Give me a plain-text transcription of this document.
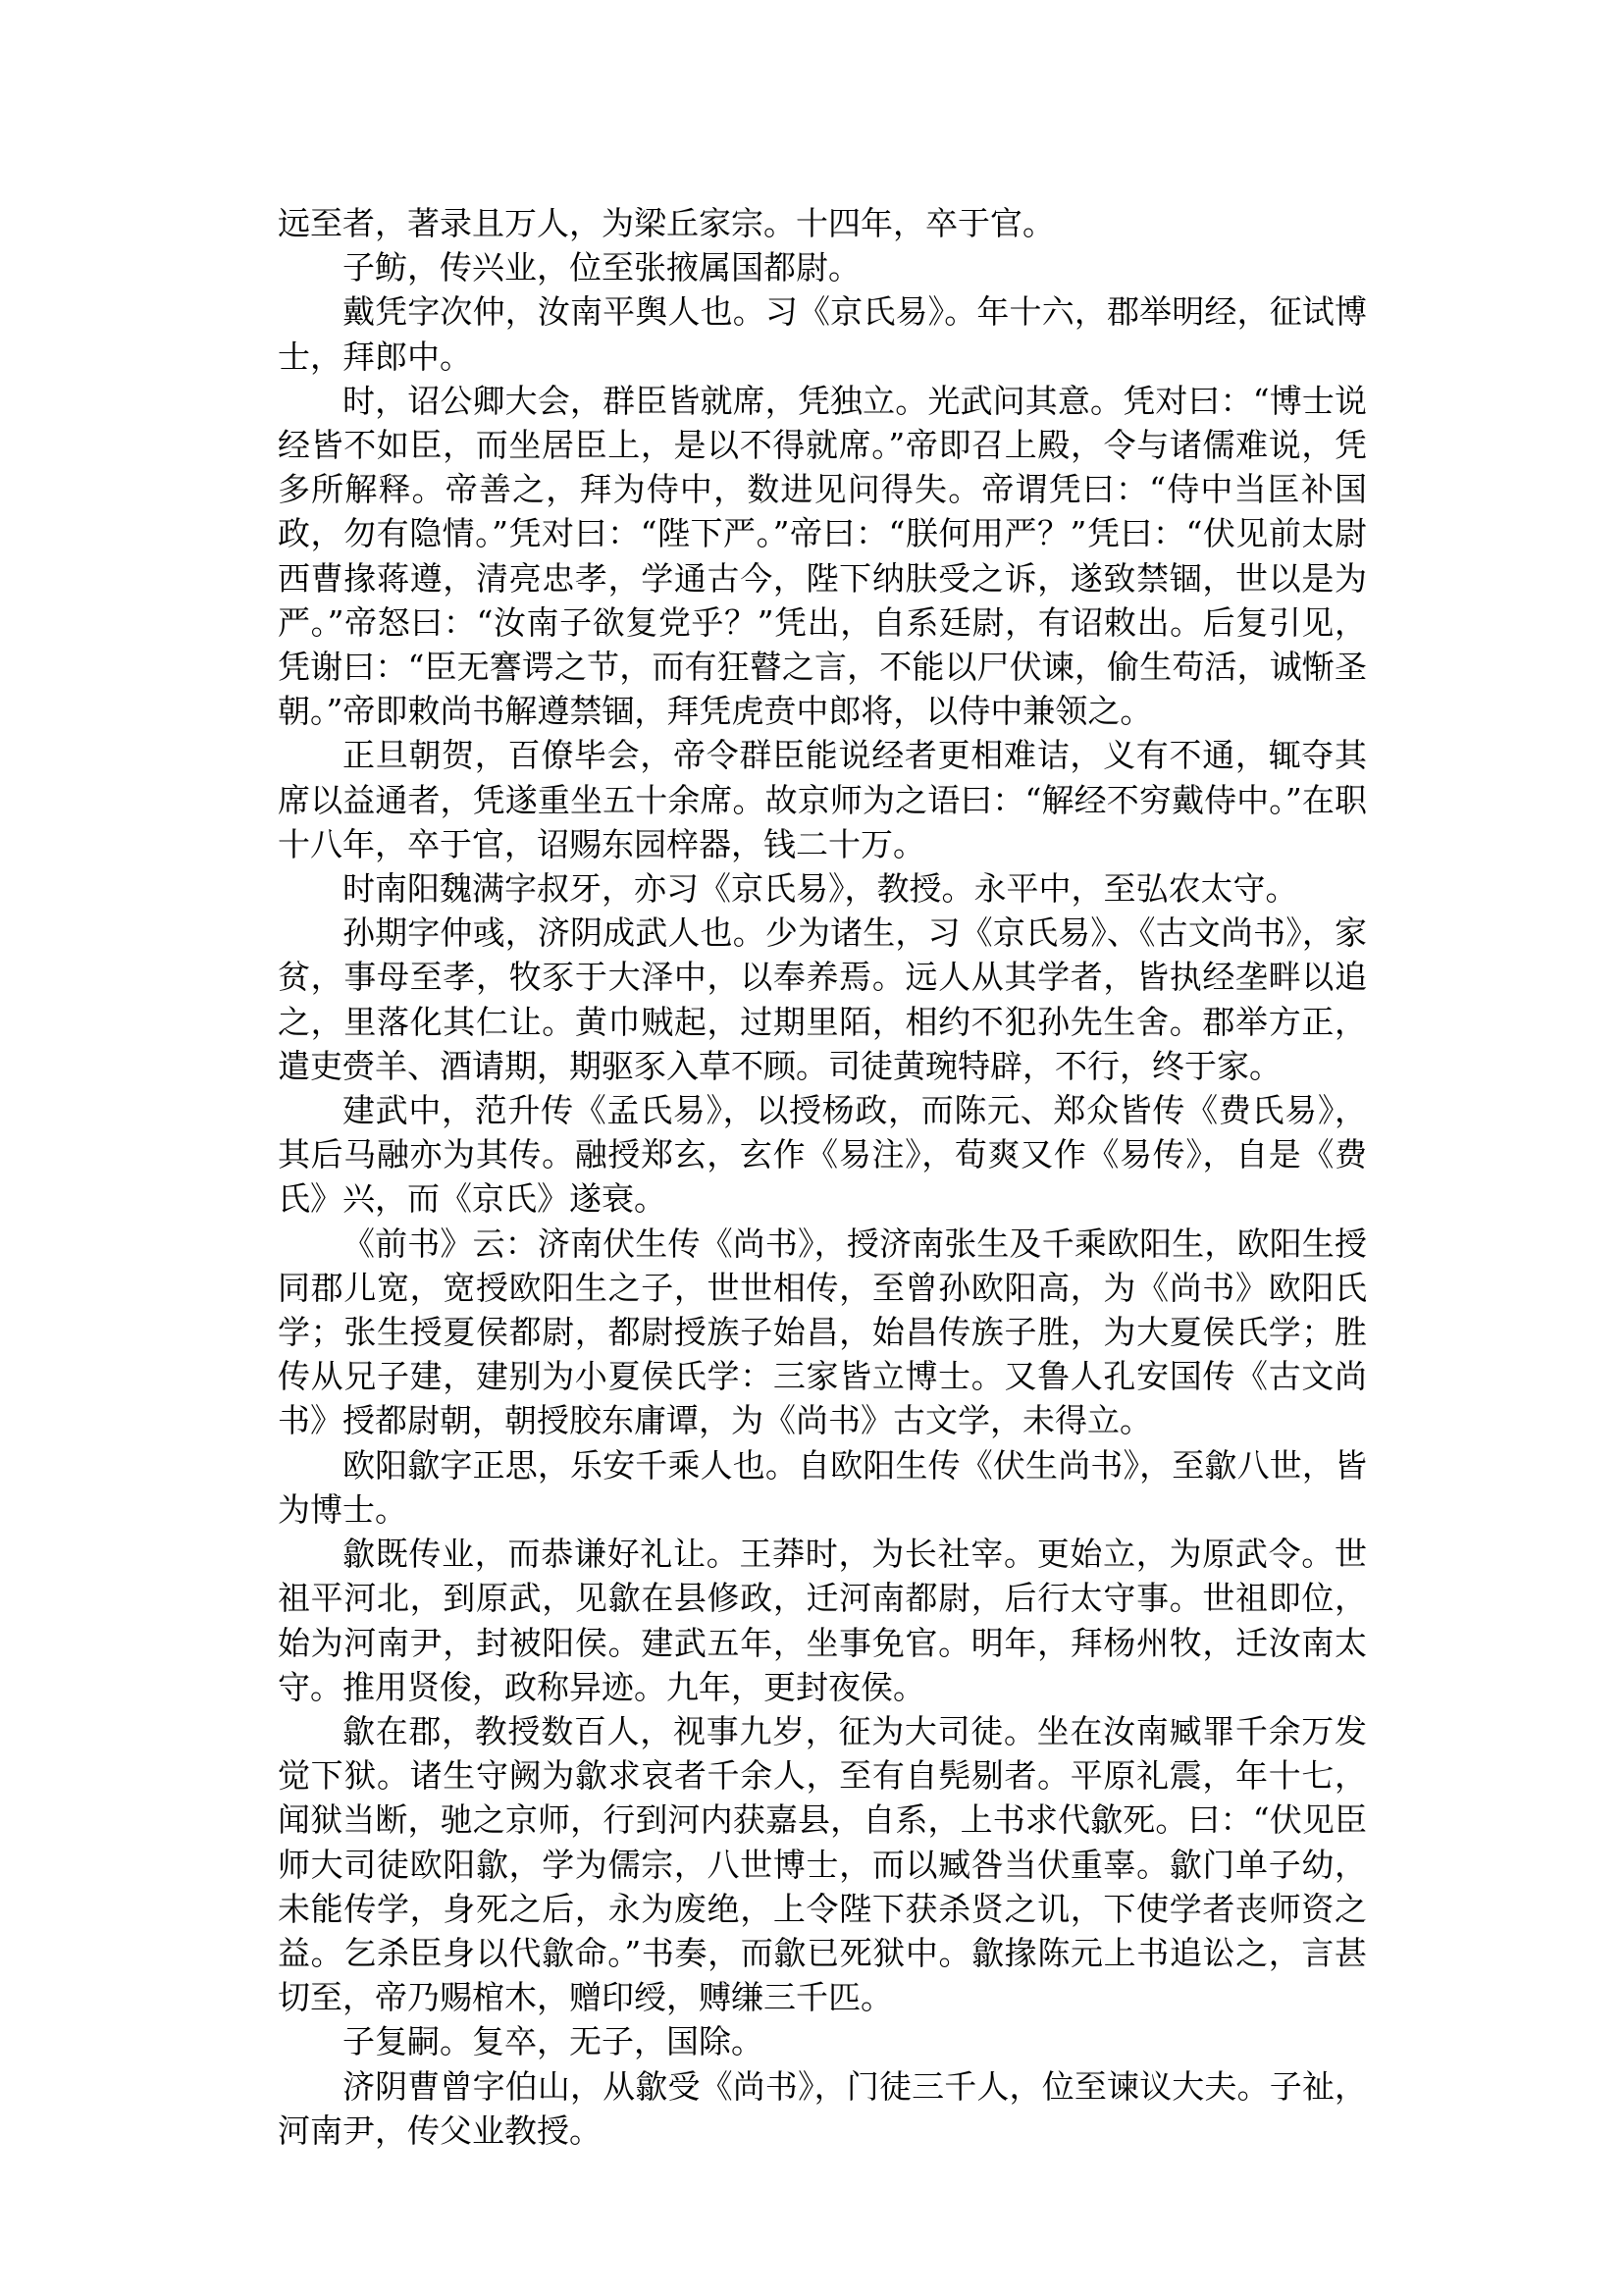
远至者，著录且万人，为梁丘家宗。十四年，卒于官。

子鲂，传兴业，位至张掖属国都尉。

戴凭字次仲，汝南平舆人也。习《京氏易》。年十六，郡举明经，征试博士，拜郎中。

时，诏公卿大会，群臣皆就席，凭独立。光武问其意。凭对曰：“博士说经皆不如臣，而坐居臣上，是以不得就席。”帝即召上殿，令与诸儒难说，凭多所解释。帝善之，拜为侍中，数进见问得失。帝谓凭曰：“侍中当匡补国政，勿有隐情。”凭对曰：“陛下严。”帝曰：“朕何用严？”凭曰：“伏见前太尉西曹掾蒋遵，清亮忠孝，学通古今，陛下纳肤受之诉，遂致禁锢，世以是为严。”帝怒曰：“汝南子欲复党乎？”凭出，自系廷尉，有诏敕出。后复引见，凭谢曰：“臣无謇谔之节，而有狂瞽之言，不能以尸伏谏，偷生苟活，诚惭圣朝。”帝即敕尚书解遵禁锢，拜凭虎贲中郎将，以侍中兼领之。

正旦朝贺，百僚毕会，帝令群臣能说经者更相难诘，义有不通，辄夺其席以益通者，凭遂重坐五十余席。故京师为之语曰：“解经不穷戴侍中。”在职十八年，卒于官，诏赐东园梓器，钱二十万。

时南阳魏满字叔牙，亦习《京氏易》，教授。永平中，至弘农太守。

孙期字仲彧，济阴成武人也。少为诸生，习《京氏易》、《古文尚书》，家贫，事母至孝，牧豕于大泽中，以奉养焉。远人从其学者，皆执经垄畔以追之，里落化其仁让。黄巾贼起，过期里陌，相约不犯孙先生舍。郡举方正，遣吏赍羊、酒请期，期驱豕入草不顾。司徒黄琬特辟，不行，终于家。

建武中，范升传《孟氏易》，以授杨政，而陈元、郑众皆传《费氏易》，其后马融亦为其传。融授郑玄，玄作《易注》，荀爽又作《易传》，自是《费氏》兴，而《京氏》遂衰。

《前书》云：济南伏生传《尚书》，授济南张生及千乘欧阳生，欧阳生授同郡儿宽，宽授欧阳生之子，世世相传，至曾孙欧阳高，为《尚书》欧阳氏学；张生授夏侯都尉，都尉授族子始昌，始昌传族子胜，为大夏侯氏学；胜传从兄子建，建别为小夏侯氏学：三家皆立博士。又鲁人孔安国传《古文尚书》授都尉朝，朝授胶东庸谭，为《尚书》古文学，未得立。

欧阳歙字正思，乐安千乘人也。自欧阳生传《伏生尚书》，至歙八世，皆为博士。

歙既传业，而恭谦好礼让。王莽时，为长社宰。更始立，为原武令。世祖平河北，到原武，见歙在县修政，迁河南都尉，后行太守事。世祖即位，始为河南尹，封被阳侯。建武五年，坐事免官。明年，拜杨州牧，迁汝南太守。推用贤俊，政称异迹。九年，更封夜侯。

歙在郡，教授数百人，视事九岁，征为大司徒。坐在汝南臧罪千余万发觉下狱。诸生守阙为歙求哀者千余人，至有自髡剔者。平原礼震，年十七，闻狱当断，驰之京师，行到河内获嘉县，自系，上书求代歙死。曰：“伏见臣师大司徒欧阳歙，学为儒宗，八世博士，而以臧咎当伏重辜。歙门单子幼，未能传学，身死之后，永为废绝，上令陛下获杀贤之讥，下使学者丧师资之益。乞杀臣身以代歙命。”书奏，而歙已死狱中。歙掾陈元上书追讼之，言甚切至，帝乃赐棺木，赠印绶，赙缣三千匹。

子复嗣。复卒，无子，国除。

济阴曹曾字伯山，从歙受《尚书》，门徒三千人，位至谏议大夫。子祉，河南尹，传父业教授。
